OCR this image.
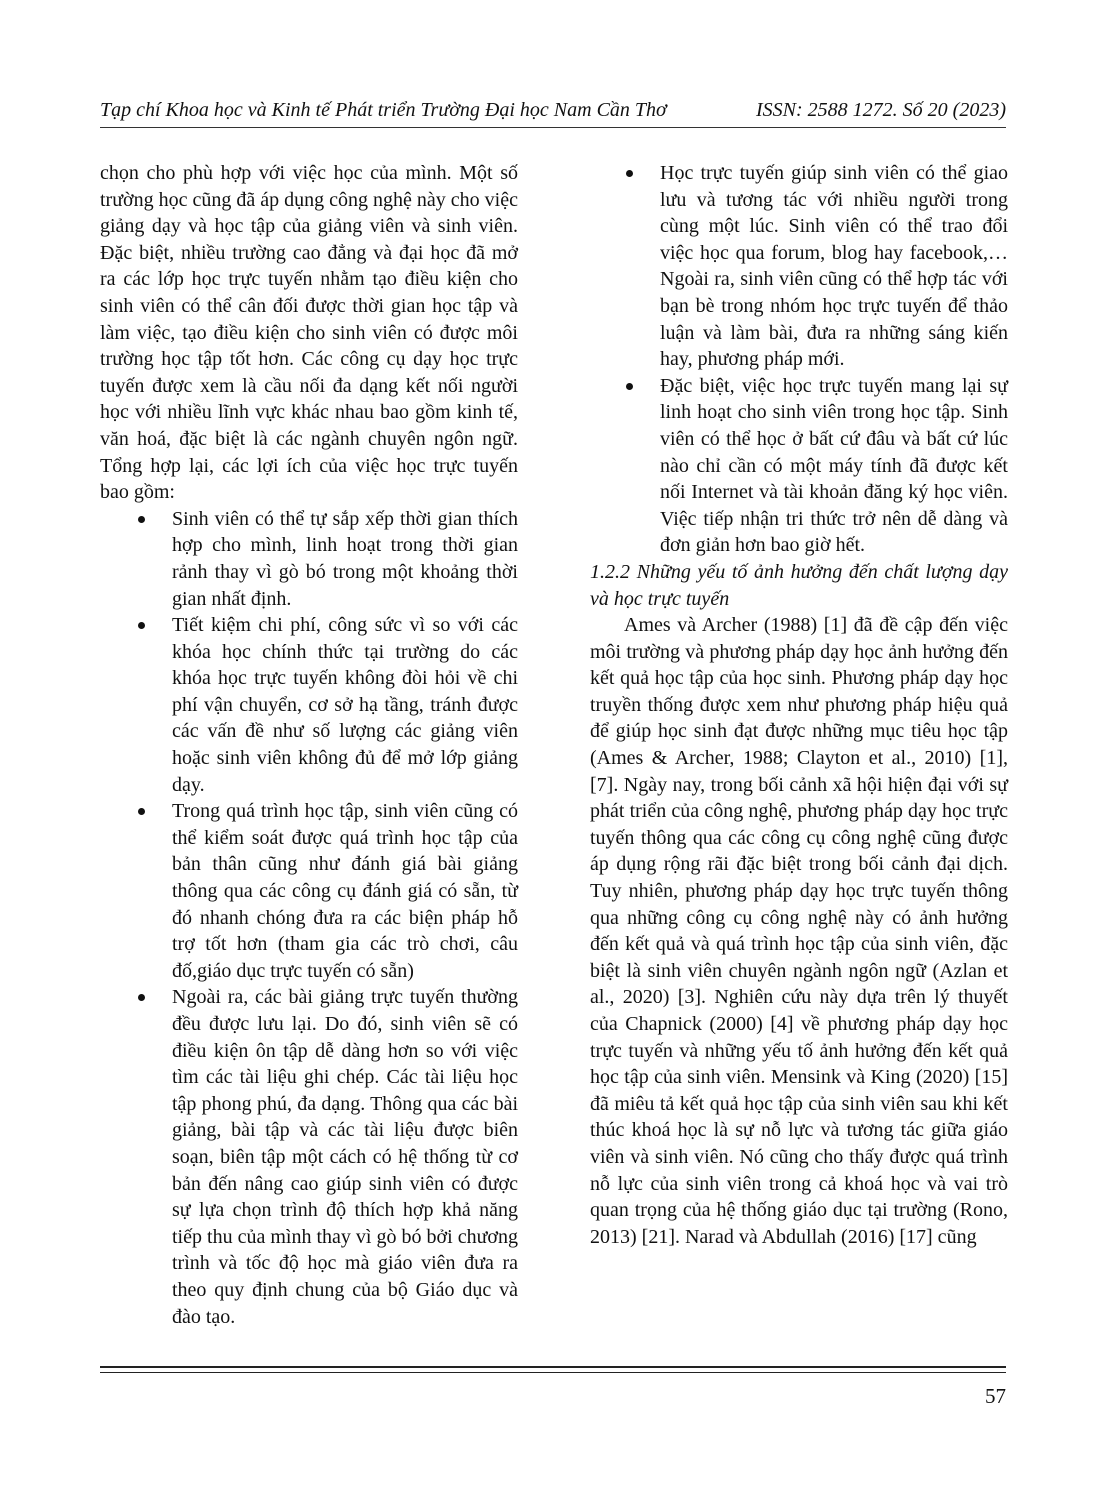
Tạp chí Khoa học và Kinh tế Phát triển Trường Đại học Nam Cần Thơ	ISSN: 2588 1272. Số 20 (2023)

chọn cho phù hợp với việc học của mình. Một số trường học cũng đã áp dụng công nghệ này cho việc giảng dạy và học tập của giảng viên và sinh viên. Đặc biệt, nhiều trường cao đẳng và đại học đã mở ra các lớp học trực tuyến nhằm tạo điều kiện cho sinh viên có thể cân đối được thời gian học tập và làm việc, tạo điều kiện cho sinh viên có được môi trường học tập tốt hơn. Các công cụ dạy học trực tuyến được xem là cầu nối đa dạng kết nối người học với nhiều lĩnh vực khác nhau bao gồm kinh tế, văn hoá, đặc biệt là các ngành chuyên ngôn ngữ. Tổng hợp lại, các lợi ích của việc học trực tuyến bao gồm:

Sinh viên có thể tự sắp xếp thời gian thích hợp cho mình, linh hoạt trong thời gian rảnh thay vì gò bó trong một khoảng thời gian nhất định.
Tiết kiệm chi phí, công sức vì so với các khóa học chính thức tại trường do các khóa học trực tuyến không đòi hỏi về chi phí vận chuyển, cơ sở hạ tầng, tránh được các vấn đề như số lượng các giảng viên hoặc sinh viên không đủ để mở lớp giảng dạy.
Trong quá trình học tập, sinh viên cũng có thể kiểm soát được quá trình học tập của bản thân cũng như đánh giá bài giảng thông qua các công cụ đánh giá có sẵn, từ đó nhanh chóng đưa ra các biện pháp hỗ trợ tốt hơn (tham gia các trò chơi, câu đố,giáo dục trực tuyến có sẵn)
Ngoài ra, các bài giảng trực tuyến thường đều được lưu lại. Do đó, sinh viên sẽ có điều kiện ôn tập dễ dàng hơn so với việc tìm các tài liệu ghi chép. Các tài liệu học tập phong phú, đa dạng. Thông qua các bài giảng, bài tập và các tài liệu được biên soạn, biên tập một cách có hệ thống từ cơ bản đến nâng cao giúp sinh viên có được sự lựa chọn trình độ thích hợp khả năng tiếp thu của mình thay vì gò bó bởi chương trình và tốc độ học mà giáo viên đưa ra theo quy định chung của bộ Giáo dục và đào tạo.
Học trực tuyến giúp sinh viên có thể giao lưu và tương tác với nhiều người trong cùng một lúc. Sinh viên có thể trao đổi việc học qua forum, blog hay facebook,… Ngoài ra, sinh viên cũng có thể hợp tác với bạn bè trong nhóm học trực tuyến để thảo luận và làm bài, đưa ra những sáng kiến hay, phương pháp mới.
Đặc biệt, việc học trực tuyến mang lại sự linh hoạt cho sinh viên trong học tập. Sinh viên có thể học ở bất cứ đâu và bất cứ lúc nào chỉ cần có một máy tính đã được kết nối Internet và tài khoản đăng ký học viên. Việc tiếp nhận tri thức trở nên dễ dàng và đơn giản hơn bao giờ hết.

1.2.2 Những yếu tố ảnh hưởng đến chất lượng dạy và học trực tuyến

Ames và Archer (1988) [1] đã đề cập đến việc môi trường và phương pháp dạy học ảnh hưởng đến kết quả học tập của học sinh. Phương pháp dạy học truyền thống được xem như phương pháp hiệu quả để giúp học sinh đạt được những mục tiêu học tập (Ames & Archer, 1988; Clayton et al., 2010) [1],[7]. Ngày nay, trong bối cảnh xã hội hiện đại với sự phát triển của công nghệ, phương pháp dạy học trực tuyến thông qua các công cụ công nghệ cũng được áp dụng rộng rãi đặc biệt trong bối cảnh đại dịch. Tuy nhiên, phương pháp dạy học trực tuyến thông qua những công cụ công nghệ này có ảnh hưởng đến kết quả và quá trình học tập của sinh viên, đặc biệt là sinh viên chuyên ngành ngôn ngữ (Azlan et al., 2020) [3]. Nghiên cứu này dựa trên lý thuyết của Chapnick (2000) [4] về phương pháp dạy học trực tuyến và những yếu tố ảnh hưởng đến kết quả học tập của sinh viên. Mensink và King (2020) [15] đã miêu tả kết quả học tập của sinh viên sau khi kết thúc khoá học là sự nỗ lực và tương tác giữa giáo viên và sinh viên. Nó cũng cho thấy được quá trình nỗ lực của sinh viên trong cả khoá học và vai trò quan trọng của hệ thống giáo dục tại trường (Rono, 2013) [21]. Narad và Abdullah (2016) [17] cũng

57
